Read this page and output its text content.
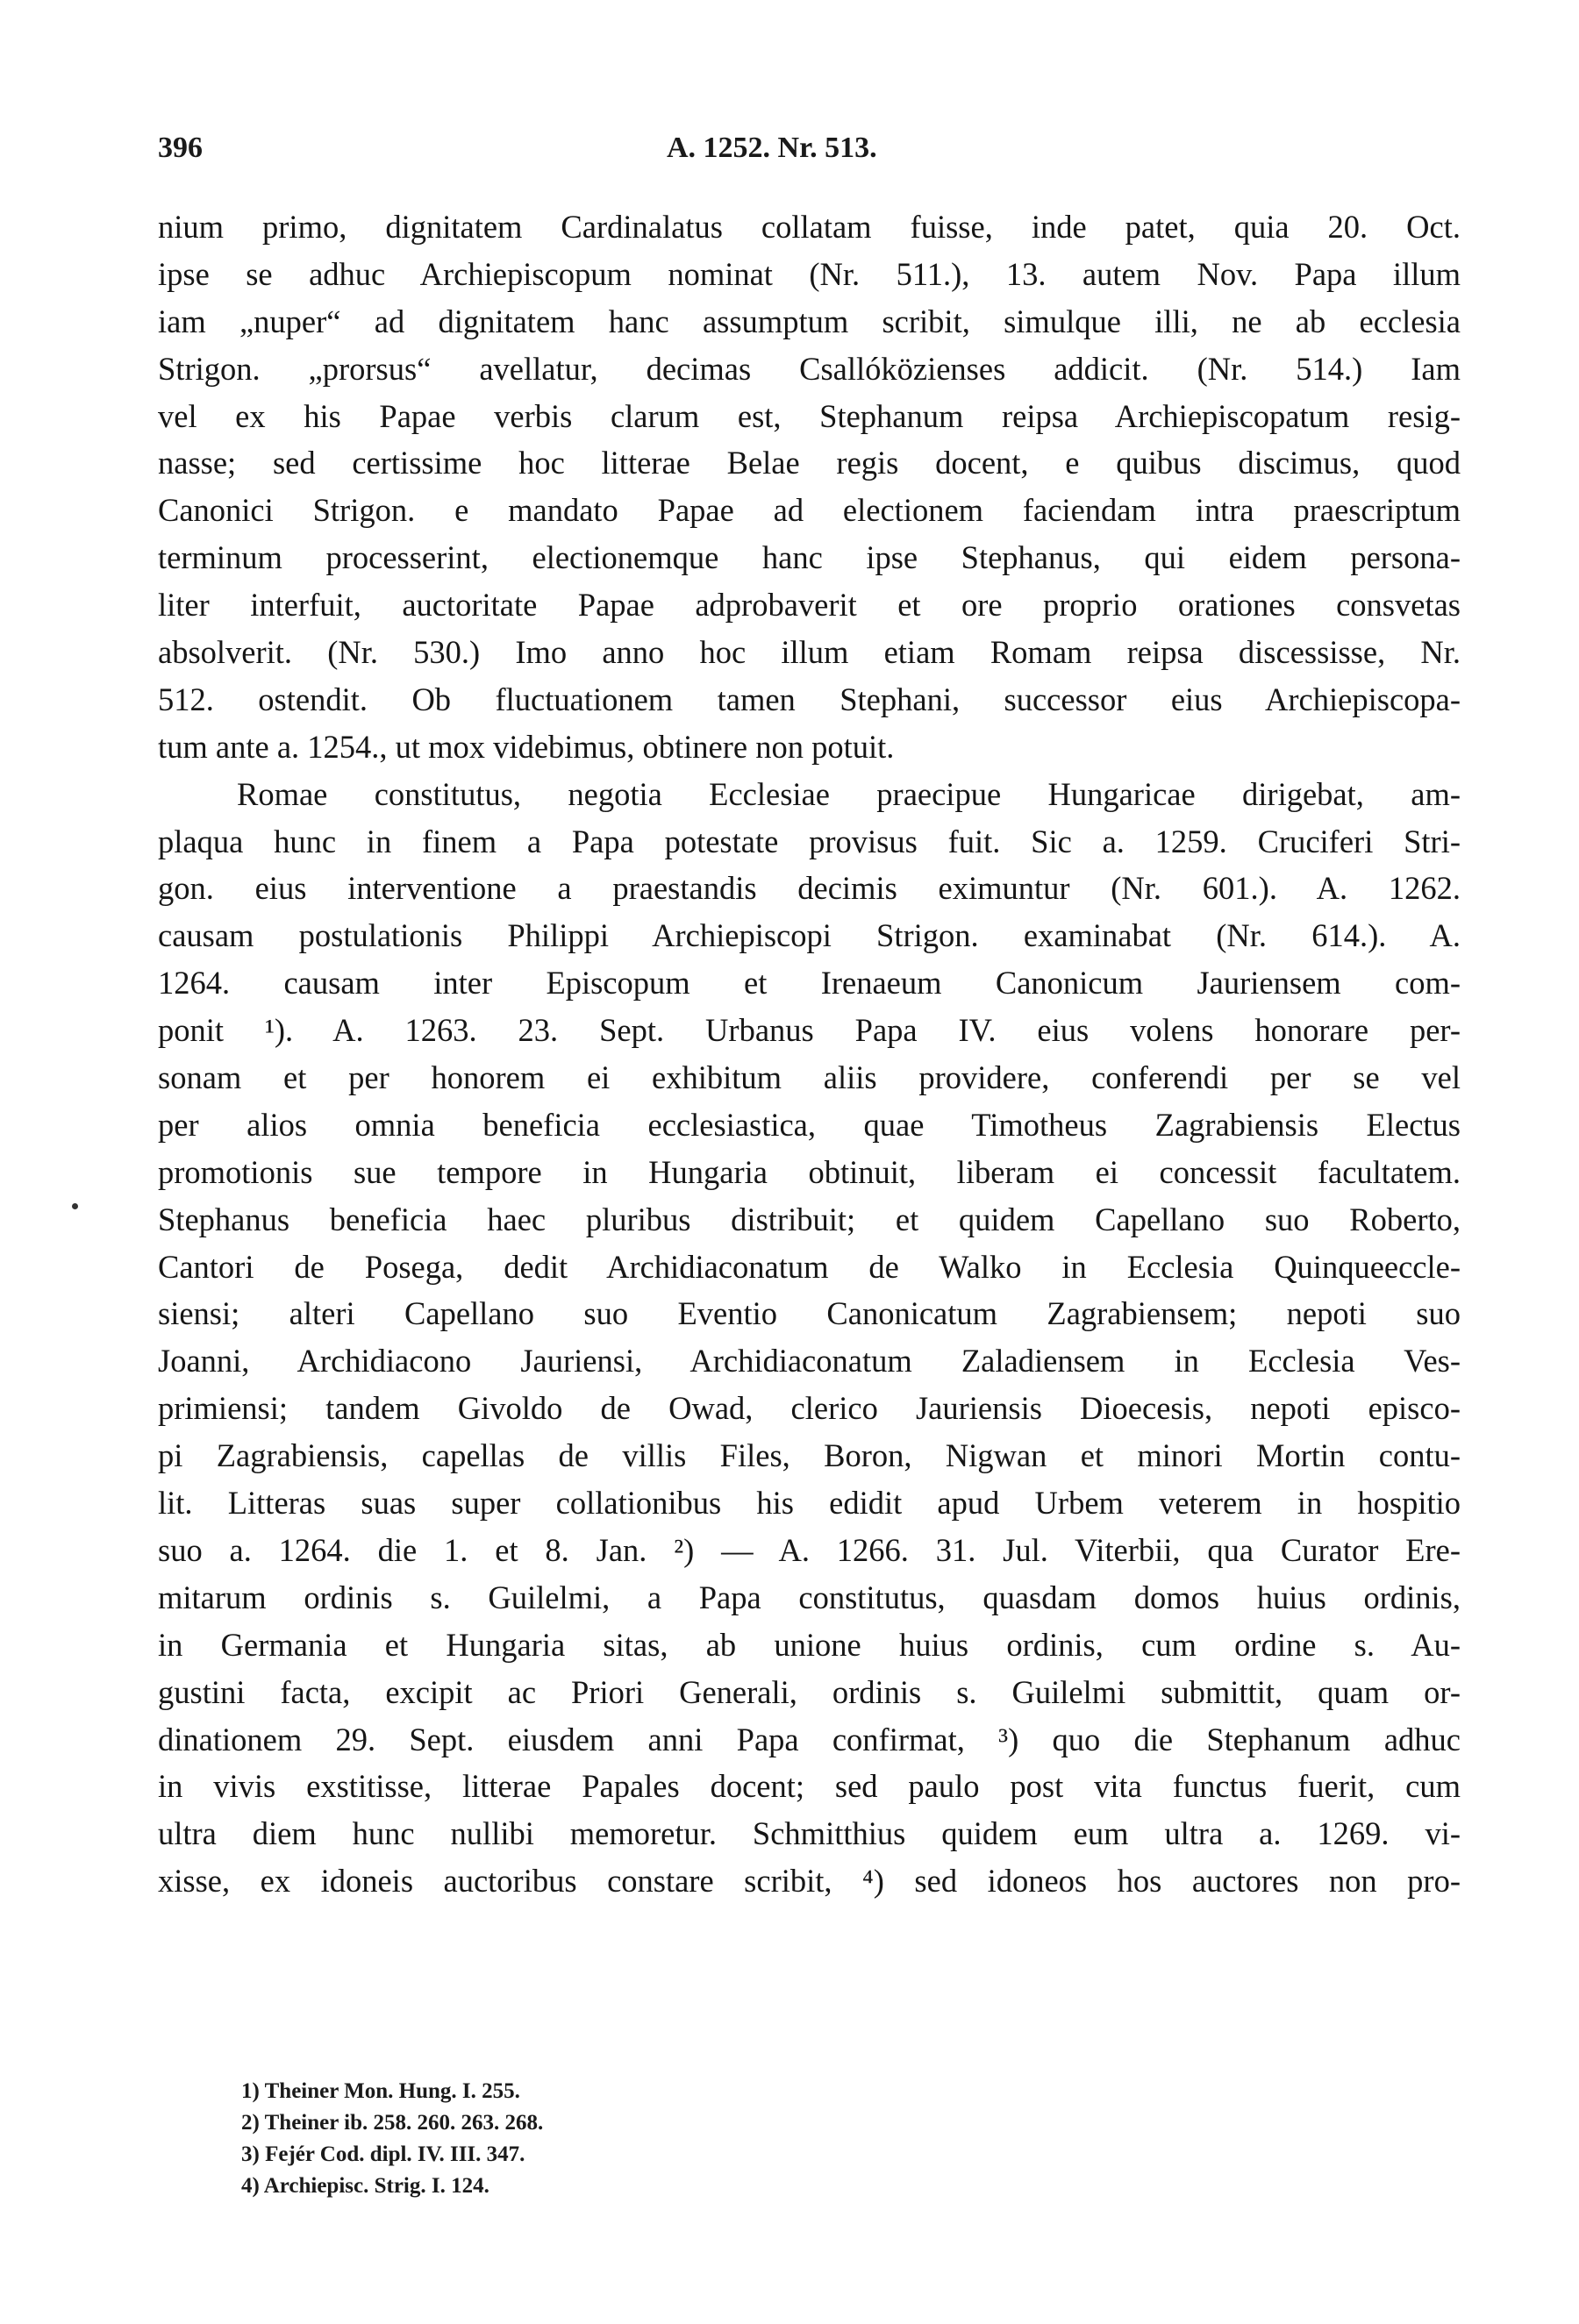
396	A. 1252. Nr. 513.
nium primo, dignitatem Cardinalatus collatam fuisse, inde patet, quia 20. Oct.
ipse se adhuc Archiepiscopum nominat (Nr. 511.), 13. autem Nov. Papa illum
iam „nuper“ ad dignitatem hanc assumptum scribit, simulque illi, ne ab ecclesia
Strigon. „prorsus“ avellatur, decimas Csallóközienses addicit. (Nr. 514.) Iam
vel ex his Papae verbis clarum est, Stephanum reipsa Archiepiscopatum resig-
nasse; sed certissime hoc litterae Belae regis docent, e quibus discimus, quod
Canonici Strigon. e mandato Papae ad electionem faciendam intra praescriptum
terminum processerint, electionemque hanc ipse Stephanus, qui eidem persona-
liter interfuit, auctoritate Papae adprobaverit et ore proprio orationes consvetas
absolverit. (Nr. 530.) Imo anno hoc illum etiam Romam reipsa discessisse, Nr.
512. ostendit. Ob fluctuationem tamen Stephani, successor eius Archiepiscopa-
tum ante a. 1254., ut mox videbimus, obtinere non potuit.
Romae constitutus, negotia Ecclesiae praecipue Hungaricae dirigebat, am-
plaqua hunc in finem a Papa potestate provisus fuit. Sic a. 1259. Cruciferi Stri-
gon. eius interventione a praestandis decimis eximuntur (Nr. 601.). A. 1262.
causam postulationis Philippi Archiepiscopi Strigon. examinabat (Nr. 614.). A.
1264. causam inter Episcopum et Irenaeum Canonicum Jauriensem com-
ponit ¹). A. 1263. 23. Sept. Urbanus Papa IV. eius volens honorare per-
sonam et per honorem ei exhibitum aliis providere, conferendi per se vel
per alios omnia beneficia ecclesiastica, quae Timotheus Zagrabiensis Electus
promotionis sue tempore in Hungaria obtinuit, liberam ei concessit facultatem.
Stephanus beneficia haec pluribus distribuit; et quidem Capellano suo Roberto,
Cantori de Posega, dedit Archidiaconatum de Walko in Ecclesia Quinqueeccle-
siensi; alteri Capellano suo Eventio Canonicatum Zagrabiensem; nepoti suo
Joanni, Archidiacono Jauriensi, Archidiaconatum Zaladiensem in Ecclesia Ves-
primiensi; tandem Givoldo de Owad, clerico Jauriensis Dioecesis, nepoti episco-
pi Zagrabiensis, capellas de villis Files, Boron, Nigwan et minori Mortin contu-
lit. Litteras suas super collationibus his edidit apud Urbem veterem in hospitio
suo a. 1264. die 1. et 8. Jan. ²) — A. 1266. 31. Jul. Viterbii, qua Curator Ere-
mitarum ordinis s. Guilelmi, a Papa constitutus, quasdam domos huius ordinis,
in Germania et Hungaria sitas, ab unione huius ordinis, cum ordine s. Au-
gustini facta, excipit ac Priori Generali, ordinis s. Guilelmi submittit, quam or-
dinationem 29. Sept. eiusdem anni Papa confirmat, ³) quo die Stephanum adhuc
in vivis exstitisse, litterae Papales docent; sed paulo post vita functus fuerit, cum
ultra diem hunc nullibi memoretur. Schmitthius quidem eum ultra a. 1269. vi-
xisse, ex idoneis auctoribus constare scribit, ⁴) sed idoneos hos auctores non pro-
1) Theiner Mon. Hung. I. 255.
2) Theiner ib. 258. 260. 263. 268.
3) Fejér Cod. dipl. IV. III. 347.
4) Archiepisc. Strig. I. 124.
